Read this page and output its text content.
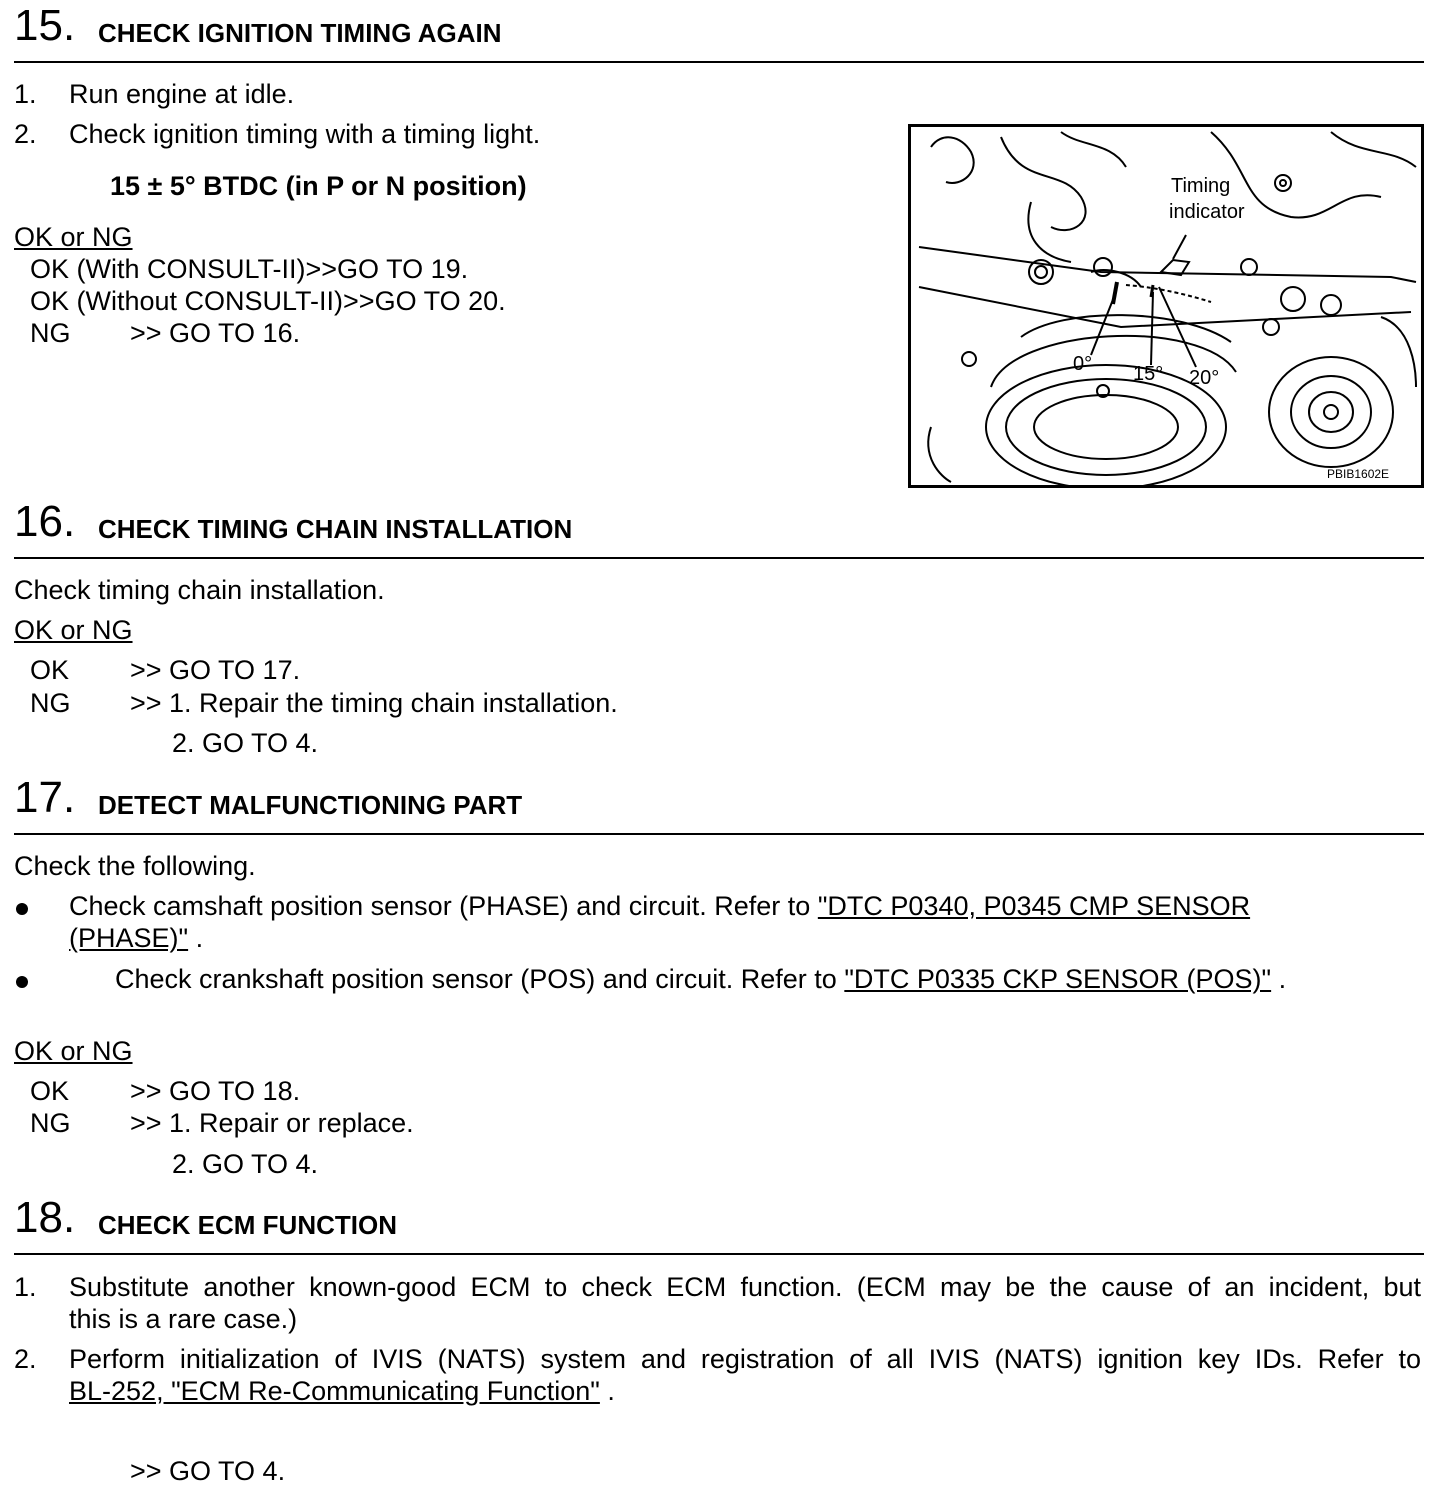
15. CHECK IGNITION TIMING AGAIN
1. Run engine at idle.
2. Check ignition timing with a timing light.
15 ± 5° BTDC (in P or N position)
OK or NG
OK (With CONSULT-II)>>GO TO 19.
OK (Without CONSULT-II)>>GO TO 20.
NG >> GO TO 16.
Timing
indicator
0° 15° 20°
PBIB1602E
16. CHECK TIMING CHAIN INSTALLATION
Check timing chain installation.
OK or NG
OK >> GO TO 17.
NG >> 1. Repair the timing chain installation.
2. GO TO 4.
17. DETECT MALFUNCTIONING PART
Check the following.
Check camshaft position sensor (PHASE) and circuit. Refer to "DTC P0340, P0345 CMP SENSOR
(PHASE)" .
Check crankshaft position sensor (POS) and circuit. Refer to "DTC P0335 CKP SENSOR (POS)" .
OK or NG
OK >> GO TO 18.
NG >> 1. Repair or replace.
2. GO TO 4.
18. CHECK ECM FUNCTION
1. Substitute another known-good ECM to check ECM function. (ECM may be the cause of an incident, but
this is a rare case.)
2. Perform initialization of IVIS (NATS) system and registration of all IVIS (NATS) ignition key IDs. Refer to
BL-252, "ECM Re-Communicating Function" .
>> GO TO 4.
